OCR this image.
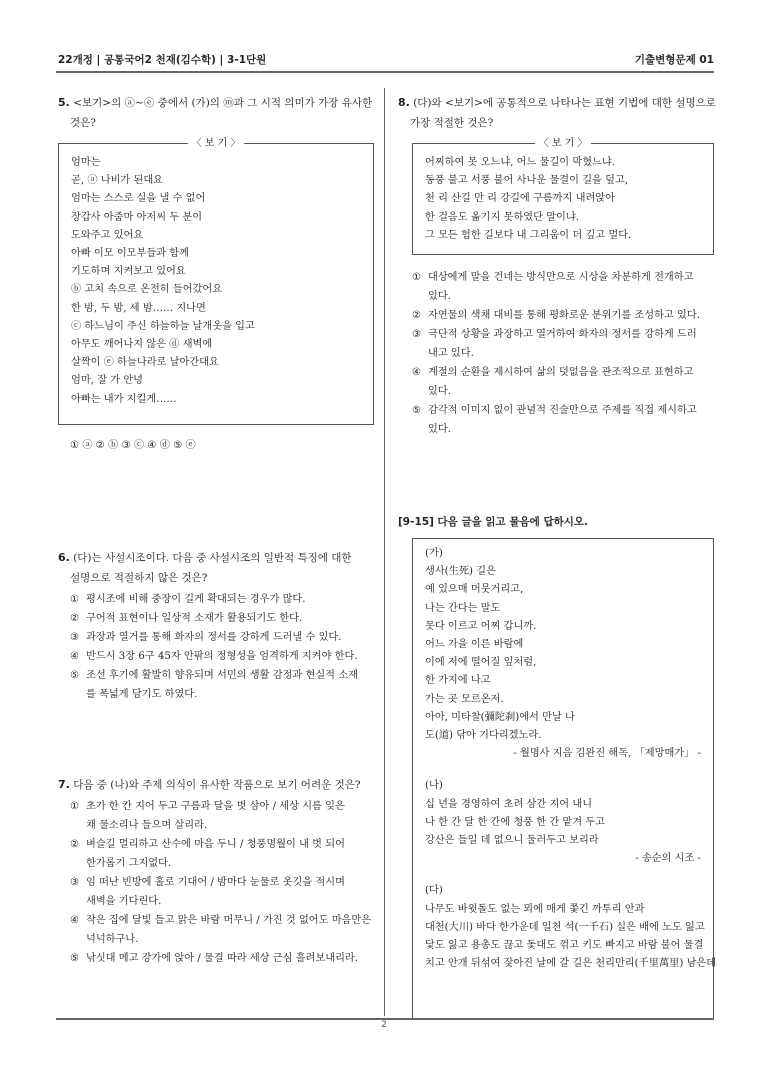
22개정 | 공통국어2 천재(김수학) | 3-1단원	기출변형문제 01
5. <보기>의 ⓐ~ⓔ 중에서 (가)의 ⓜ과 그 시적 의미가 가장 유사한
것은?
〈 보 기 〉
엄마는
곧, ⓐ 나비가 된대요
엄마는 스스로 실을 낼 수 없어
장갑사 아줌마 아저씨 두 분이
도와주고 있어요
아빠 이모 이모부들과 함께
기도하며 지켜보고 있어요
ⓑ 고치 속으로 온전히 들어갔어요
한 밤, 두 밤, 세 밤…… 지나면
ⓒ 하느님이 주신 하늘하늘 날개옷을 입고
아무도 깨어나지 않은 ⓓ 새벽에
살짝이 ⓔ 하늘나라로 날아간대요
엄마, 잘 가 안녕
아빠는 내가 지킬게……
① ⓐ ② ⓑ ③ ⓒ ④ ⓓ ⑤ ⓔ
6. (다)는 사설시조이다. 다음 중 사설시조의 일반적 특징에 대한
설명으로 적절하지 않은 것은?
① 평시조에 비해 중장이 길게 확대되는 경우가 많다.
② 구어적 표현이나 일상적 소재가 활용되기도 한다.
③ 과장과 열거를 통해 화자의 정서를 강하게 드러낼 수 있다.
④ 반드시 3장 6구 45자 안팎의 정형성을 엄격하게 지켜야 한다.
⑤ 조선 후기에 활발히 향유되며 서민의 생활 감정과 현실적 소재
를 폭넓게 담기도 하였다.
7. 다음 중 (나)와 주제 의식이 유사한 작품으로 보기 어려운 것은?
① 초가 한 칸 지어 두고 구름과 달을 벗 삼아 / 세상 시름 잊은
채 물소리나 들으며 살리라.
② 벼슬길 멀리하고 산수에 마음 두니 / 청풍명월이 내 벗 되어
한가롭기 그지없다.
③ 임 떠난 빈방에 홀로 기대어 / 밤마다 눈물로 옷깃을 적시며
새벽을 기다린다.
④ 작은 집에 달빛 들고 맑은 바람 머무니 / 가진 것 없어도 마음만은
넉넉하구나.
⑤ 낚싯대 메고 강가에 앉아 / 물결 따라 세상 근심 흘려보내리라.
8. (다)와 <보기>에 공통적으로 나타나는 표현 기법에 대한 설명으로
가장 적절한 것은?
〈 보 기 〉
어찌하여 못 오느냐, 어느 물길이 막혔느냐.
동풍 불고 서풍 불어 사나운 물결이 길을 덮고,
천 리 산길 만 리 강길에 구름까지 내려앉아
한 걸음도 옮기지 못하였단 말이냐.
그 모든 험한 길보다 내 그리움이 더 깊고 멀다.
① 대상에게 말을 건네는 방식만으로 시상을 차분하게 전개하고
있다.
② 자연물의 색채 대비를 통해 평화로운 분위기를 조성하고 있다.
③ 극단적 상황을 과장하고 열거하여 화자의 정서를 강하게 드러
내고 있다.
④ 계절의 순환을 제시하여 삶의 덧없음을 관조적으로 표현하고
있다.
⑤ 감각적 이미지 없이 관념적 진술만으로 주제를 직접 제시하고
있다.
[9-15] 다음 글을 읽고 물음에 답하시오.
(가)
생사(生死) 길은
예 있으매 머뭇거리고,
나는 간다는 말도
못다 이르고 어찌 갑니까.
어느 가을 이른 바람에
이에 저에 떨어질 잎처럼,
한 가지에 나고
가는 곳 모르온저.
아아, 미타찰(彌陀刹)에서 만날 나
도(道) 닦아 기다리겠노라.
- 월명사 지음 김완진 해독, 「제망매가」 -
(나)
십 년을 경영하여 초려 삼간 지어 내니
나 한 간 달 한 간에 청풍 한 간 맡겨 두고
강산은 들일 데 없으니 둘러두고 보리라
- 송순의 시조 -
(다)
나무도 바윗돌도 없는 뫼에 매게 쫓긴 까투리 안과
대천(大川) 바다 한가운데 일천 석(一千石) 실은 배에 노도 잃고
닻도 잃고 용총도 끊고 돛대도 꺾고 키도 빠지고 바람 불어 물결
치고 안개 뒤섞여 잦아진 날에 갈 길은 천리만리(千里萬里) 남은데
2
